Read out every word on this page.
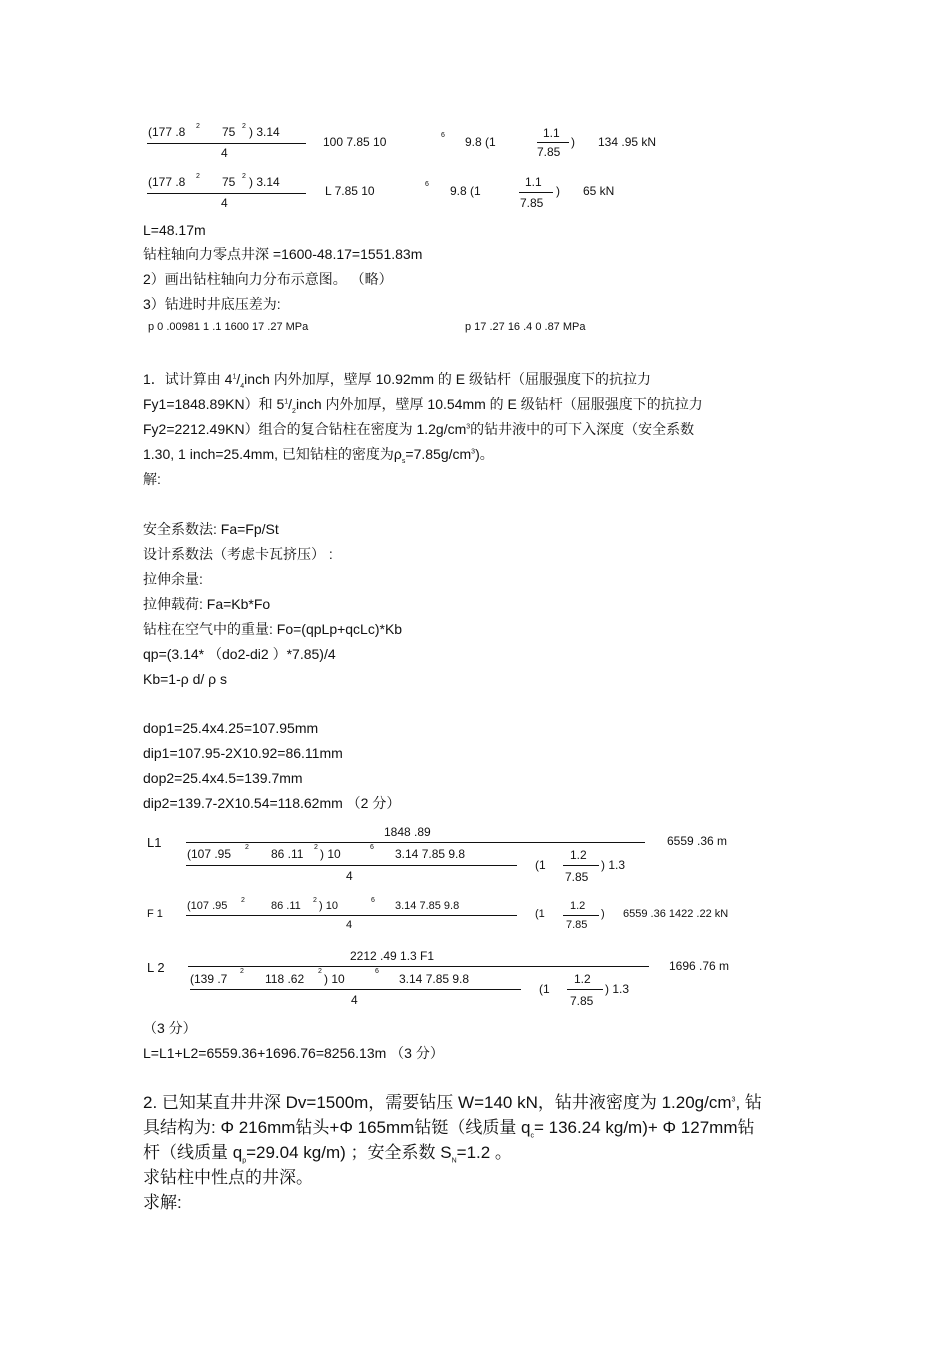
(177 .8 2 75 2 ) 3.14
4
100 7.85 10	6 9.8 (1
1.1
7.85
) 134 .95 kN
(177 .8 2 75 2 ) 3.14
4
L 7.85 10	6 9.8 (1
1.1
7.85
) 65 kN
L=48.17m
钻柱轴向力零点井深 =1600-48.17=1551.83m
2）画出钻柱轴向力分布示意图。 （略）
3）钻进时井底压差为:
p 0 .00981 1 .1 1600 17 .27 MPa	p 17 .27 16 .4 0 .87 MPa
1．试计算由 $4^1/_4inch$ 内外加厚，壁厚 10.92mm 的 E 级钻杆（屈服强度下的抗拉力
Fy1=1848.89KN）和 $5^1/_2inch$ 内外加厚，壁厚 10.54mm 的 E 级钻杆（屈服强度下的抗拉力
Fy2=2212.49KN）组合的复合钻柱在密度为 $1.2g/cm^3$的钻井液中的可下入深度（安全系数
1.30, 1 inch=25.4mm, 已知钻柱的密度为$\rho_s=7.85g/cm^3$)。
解:
安全系数法: Fa=Fp/St
设计系数法（考虑卡瓦挤压） :
拉伸余量:
拉伸载荷: Fa=Kb*Fo
钻柱在空气中的重量: Fo=(qpLp+qcLc)*Kb
qp=(3.14* （do2-di2 ）*7.85)/4
Kb=1-ρ d/ ρ s
dop1=25.4x4.25=107.95mm
dip1=107.95-2X10.92=86.11mm
dop2=25.4x4.5=139.7mm
dip2=139.7-2X10.54=118.62mm （2 分）
L1
1848 .89
(107 .95 2 86 .11 2 ) 10	6 3.14 7.85 9.8
4
(1
1.2
7.85
) 1.3
6559 .36 m
F 1
(107 .95 2 86 .11 2 ) 10	6 3.14 7.85 9.8
4
(1
1.2
7.85
) 6559 .36 1422 .22 kN
L 2
2212 .49 1.3 F1
(139 .7
2
118 .62
2
) 10
6
3.14 7.85 9.8
4
(1
1.2
7.85
) 1.3
1696 .76 m
（3 分）
L=L1+L2=6559.36+1696.76=8256.13m （3 分）
2. 已知某直井井深 Dv=1500m，需要钻压 W=140 kN，钻井液密度为 $1.20g/cm^3$, 钻
具结构为: Φ 216mm钻头+Φ 165mm钻铤（线质量 $q_c= 136.24$ kg/m)+ Φ 127mm钻
杆（线质量 $q_p=29.04$ kg/m) ；安全系数 $S_N=1.2$ 。
求钻柱中性点的井深。
求解:
